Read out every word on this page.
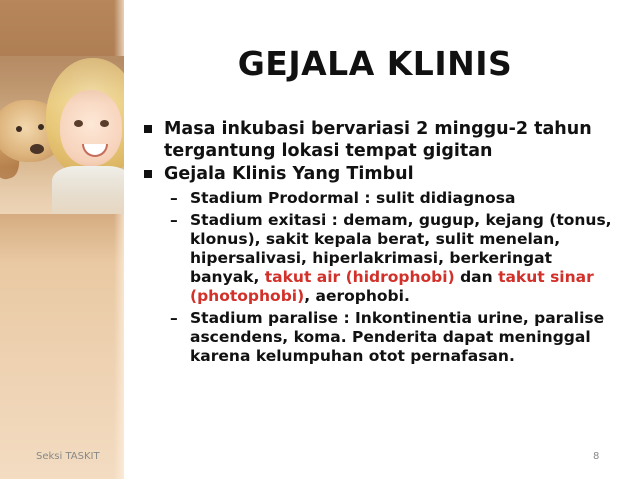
GEJALA KLINIS
Masa inkubasi bervariasi 2 minggu-2 tahun tergantung lokasi tempat gigitan
Gejala Klinis Yang Timbul
– Stadium Prodormal : sulit didiagnosa
– Stadium exitasi : demam, gugup, kejang (tonus, klonus), sakit kepala berat, sulit menelan, hipersalivasi, hiperlakrimasi, berkeringat banyak, takut air (hidrophobi) dan takut sinar (photophobi), aerophobi.
– Stadium paralise : Inkontinentia urine, paralise ascendens, koma. Penderita dapat meninggal karena kelumpuhan otot pernafasan.
Seksi TASKIT	8
